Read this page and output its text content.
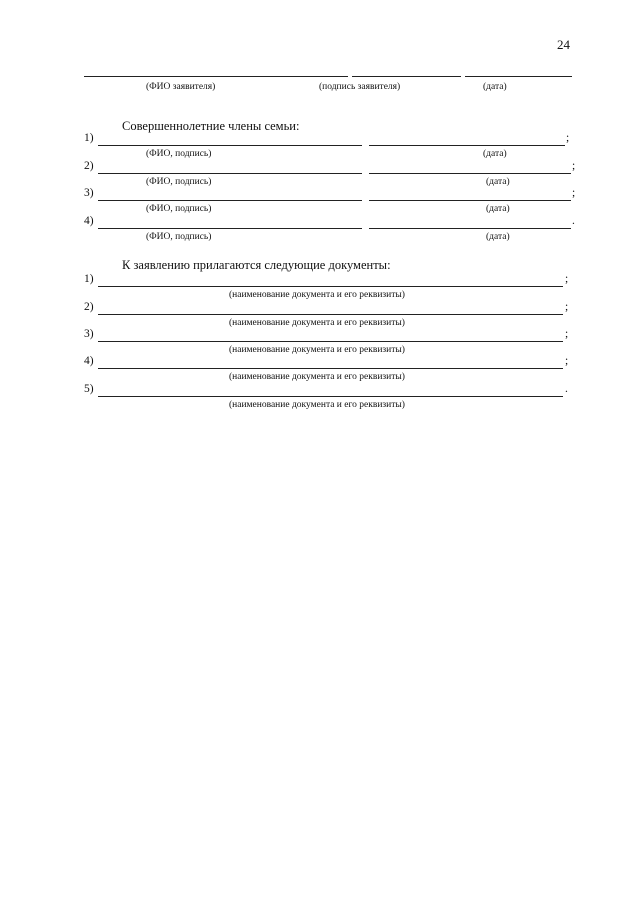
24
(ФИО заявителя)	(подпись заявителя)	(дата)
Совершеннолетние члены семьи:
1)	;
(ФИО, подпись)	(дата)
2)	;
(ФИО, подпись)	(дата)
3)	;
(ФИО, подпись)	(дата)
4)	.
(ФИО, подпись)	(дата)
К заявлению прилагаются следующие документы:
1)	;
(наименование документа и его реквизиты)
2)	;
(наименование документа и его реквизиты)
3)	;
(наименование документа и его реквизиты)
4)	;
(наименование документа и его реквизиты)
5)	.
(наименование документа и его реквизиты)
